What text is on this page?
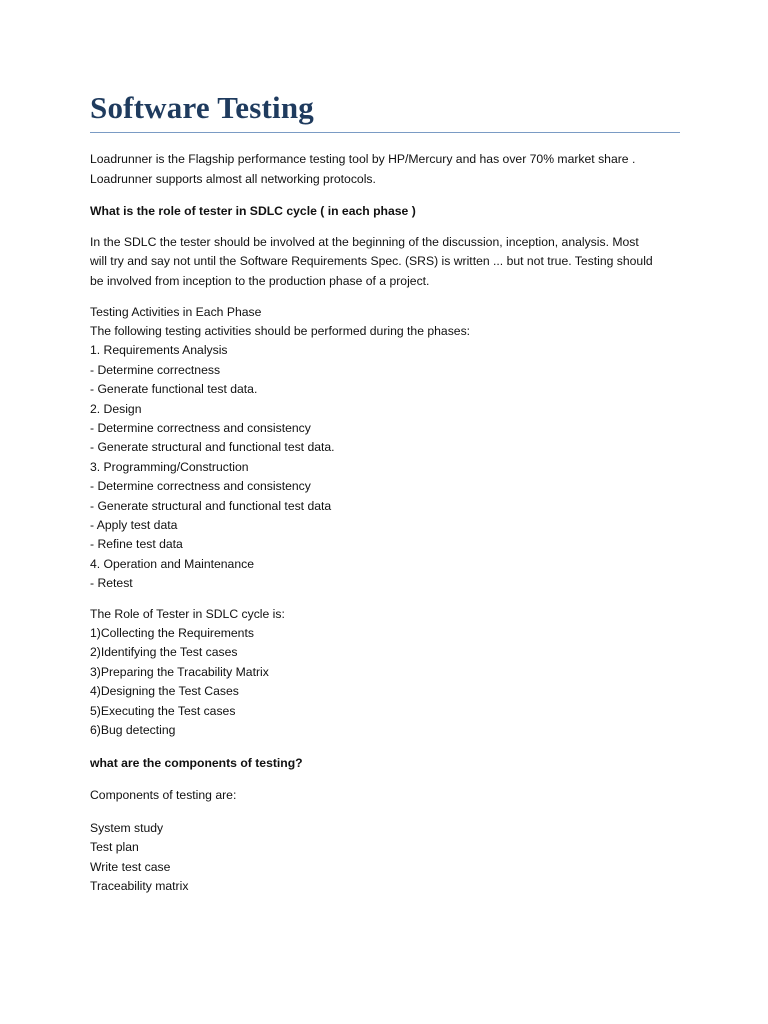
Software Testing

Loadrunner is the Flagship performance testing tool by HP/Mercury and has over 70% market share .

Loadrunner supports almost all networking protocols.

What is the role of tester in SDLC cycle ( in each phase )

In the SDLC the tester should be involved at the beginning of the discussion, inception, analysis. Most

will try and say not until the Software Requirements Spec. (SRS) is written ... but not true. Testing should

be involved from inception to the production phase of a project.

Testing Activities in Each Phase

The following testing activities should be performed during the phases:

1. Requirements Analysis

- Determine correctness

- Generate functional test data.

2. Design

- Determine correctness and consistency

- Generate structural and functional test data.

3. Programming/Construction

- Determine correctness and consistency

- Generate structural and functional test data

- Apply test data

- Refine test data

4. Operation and Maintenance

- Retest

The Role of Tester in SDLC cycle is:

1)Collecting the Requirements

2)Identifying the Test cases

3)Preparing the Tracability Matrix

4)Designing the Test Cases

5)Executing the Test cases

6)Bug detecting

what are the components of testing?

Components of testing are:

System study

Test plan

Write test case

Traceability matrix
